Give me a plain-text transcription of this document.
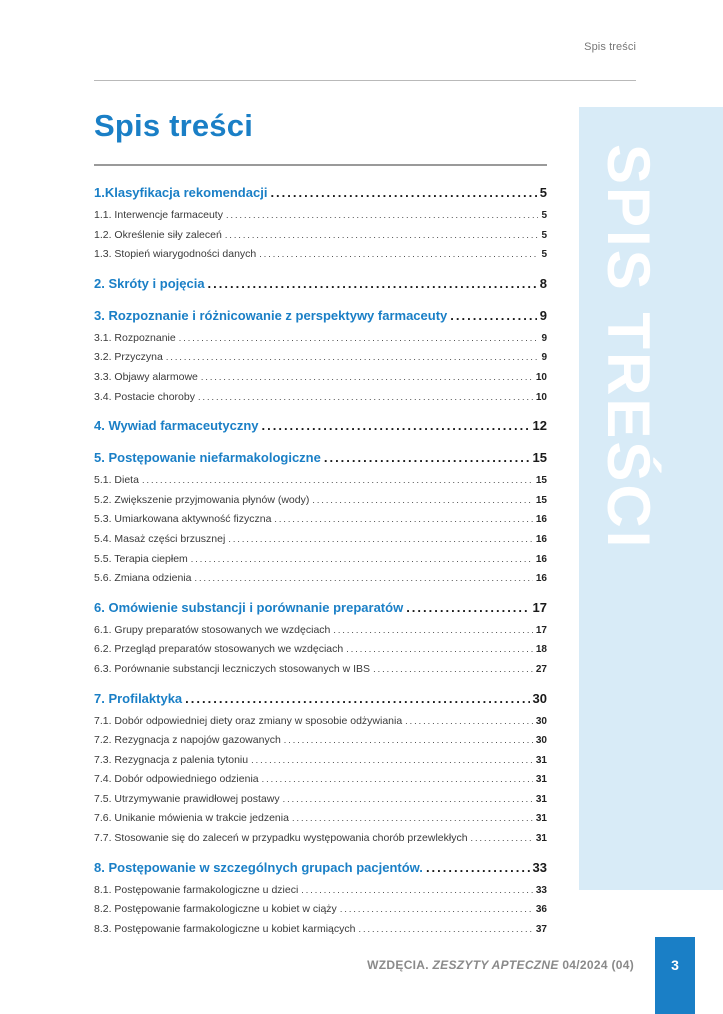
Spis treści
SPIS TREŚCI
Spis treści
1.Klasyfikacja rekomendacji .....	5
1.1. Interwencje farmaceuty .....	5
1.2. Określenie siły zaleceń .....	5
1.3. Stopień wiarygodności danych .....	5
2. Skróty i pojęcia .....	8
3. Rozpoznanie i różnicowanie z perspektywy farmaceuty .....	9
3.1. Rozpoznanie .....	9
3.2. Przyczyna .....	9
3.3. Objawy alarmowe .....	10
3.4. Postacie choroby .....	10
4. Wywiad farmaceutyczny .....	12
5. Postępowanie niefarmakologiczne .....	15
5.1. Dieta .....	15
5.2. Zwiększenie przyjmowania płynów (wody) .....	15
5.3. Umiarkowana aktywność fizyczna .....	16
5.4. Masaż części brzusznej .....	16
5.5. Terapia ciepłem .....	16
5.6. Zmiana odzienia .....	16
6. Omówienie substancji i porównanie preparatów .....	17
6.1. Grupy preparatów stosowanych we wzdęciach .....	17
6.2. Przegląd preparatów stosowanych we wzdęciach .....	18
6.3. Porównanie substancji leczniczych stosowanych w IBS .....	27
7. Profilaktyka .....	30
7.1. Dobór odpowiedniej diety oraz zmiany w sposobie odżywiania .....	30
7.2. Rezygnacja z napojów gazowanych .....	30
7.3. Rezygnacja z palenia tytoniu .....	31
7.4. Dobór odpowiedniego odzienia .....	31
7.5. Utrzymywanie prawidłowej postawy .....	31
7.6. Unikanie mówienia w trakcie jedzenia .....	31
7.7. Stosowanie się do zaleceń w przypadku występowania chorób przewlekłych .....	31
8. Postępowanie w szczególnych grupach pacjentów. .....	33
8.1. Postępowanie farmakologiczne u dzieci .....	33
8.2. Postępowanie farmakologiczne u kobiet w ciąży .....	36
8.3. Postępowanie farmakologiczne u kobiet karmiących .....	37
WZDĘCIA. ZESZYTY APTECZNE 04/2024 (04)	3
